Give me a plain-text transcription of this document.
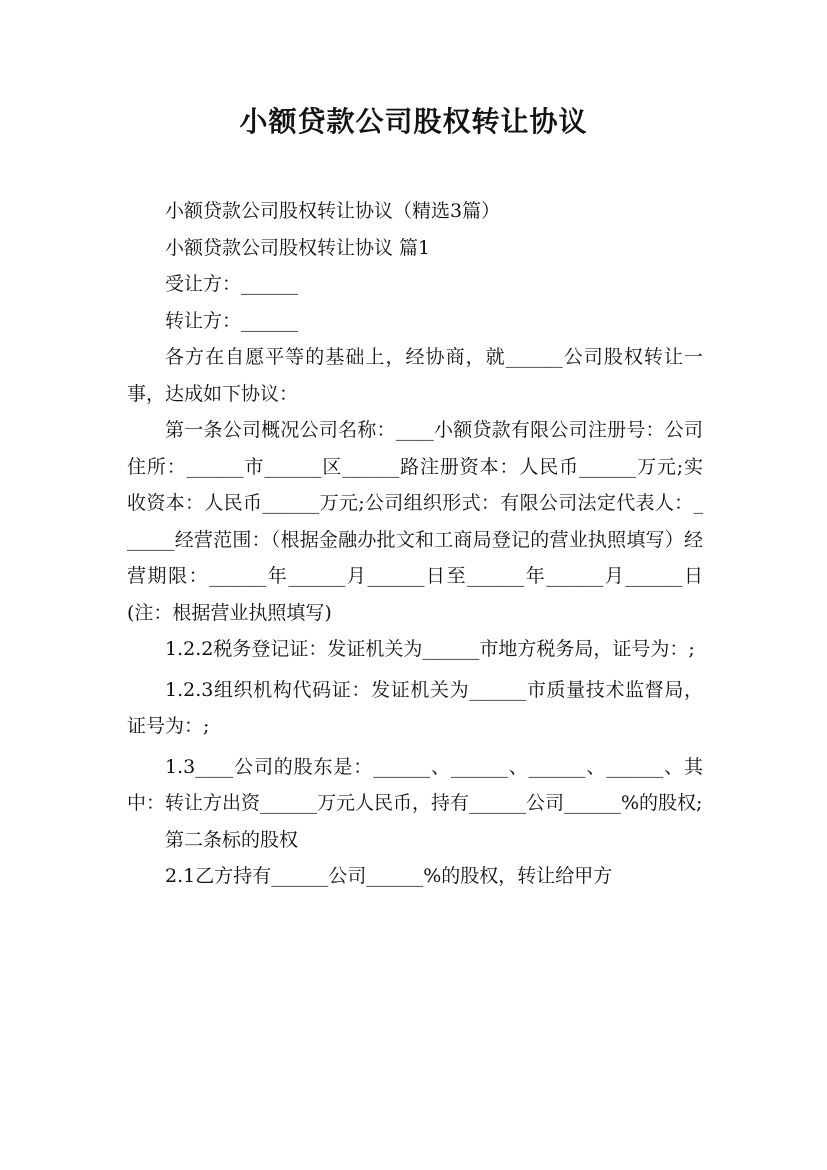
小额贷款公司股权转让协议

小额贷款公司股权转让协议（精选3篇）

小额贷款公司股权转让协议 篇1

受让方：______

转让方：______

各方在自愿平等的基础上，经协商，就______公司股权转让一事，达成如下协议：

第一条公司概况公司名称：____小额贷款有限公司注册号：公司住所：______市______区______路注册资本：人民币______万元;实收资本：人民币______万元;公司组织形式：有限公司法定代表人：______经营范围：（根据金融办批文和工商局登记的营业执照填写）经营期限：______年______月______日至______年______月______日(注：根据营业执照填写)

1.2.2税务登记证：发证机关为______市地方税务局，证号为：;

1.2.3组织机构代码证：发证机关为______市质量技术监督局，证号为：;

1.3____公司的股东是：______、______、______、______、其中：转让方出资______万元人民币，持有______公司______%的股权;

第二条标的股权

2.1乙方持有______公司______%的股权，转让给甲方
